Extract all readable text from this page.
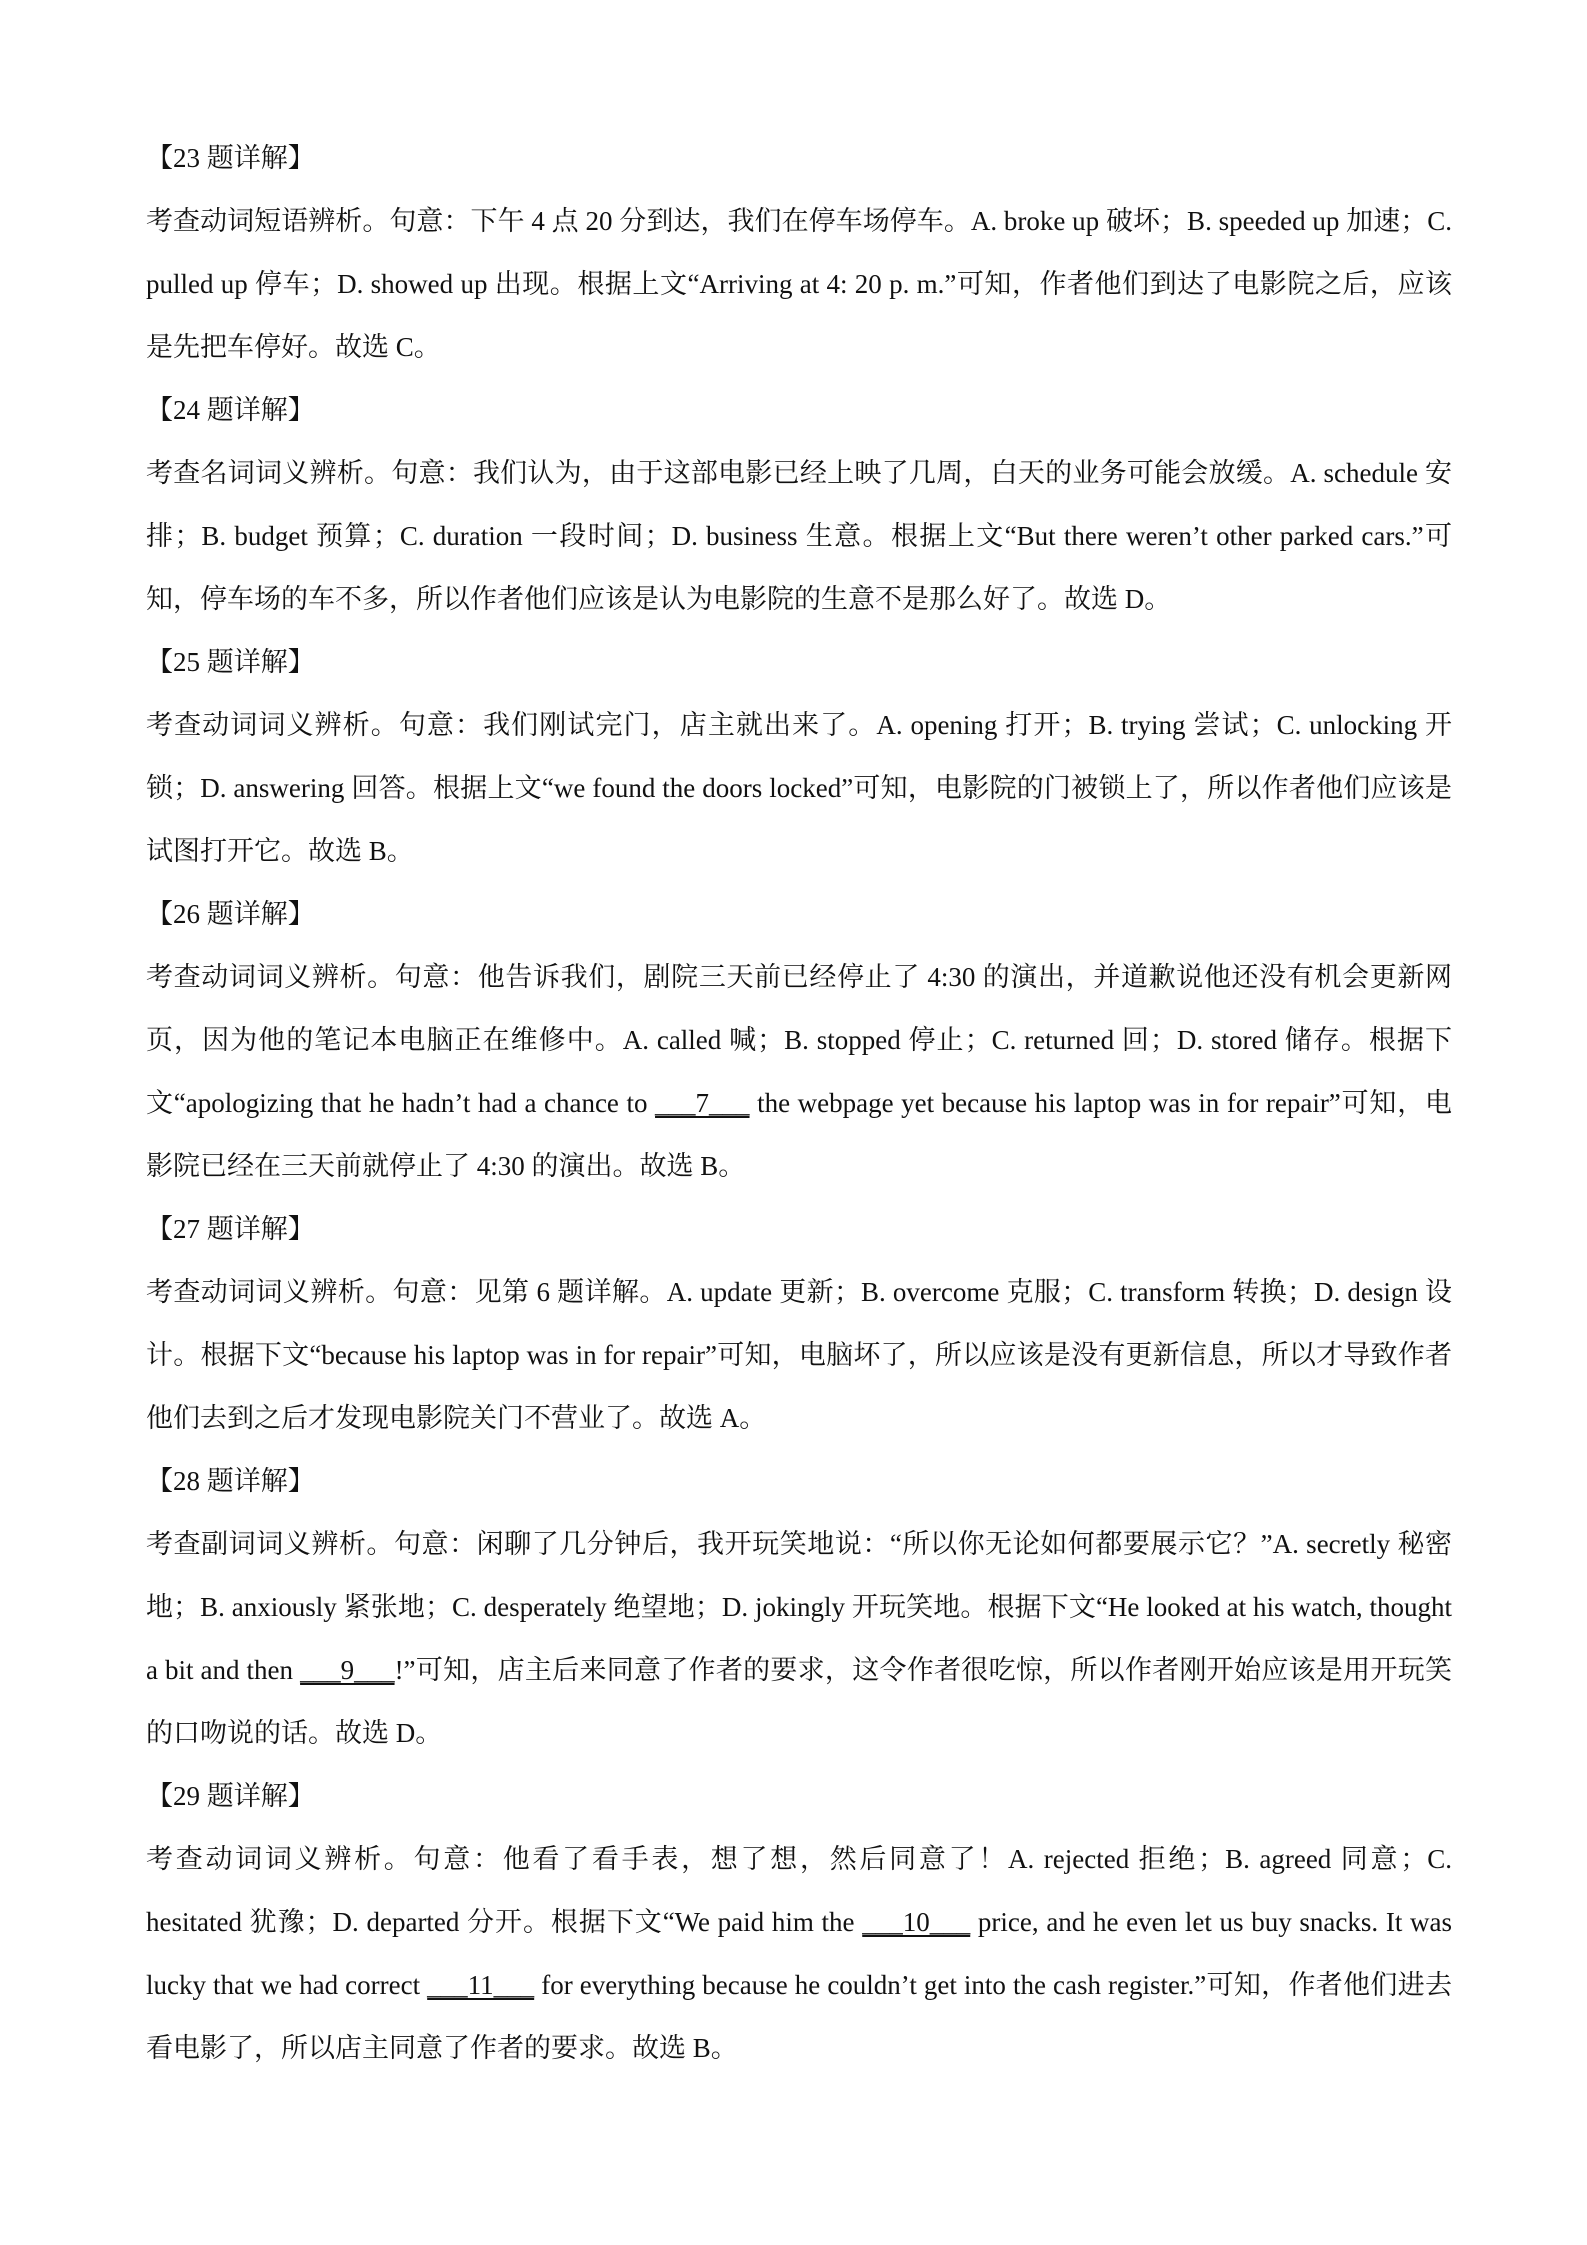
【23 题详解】

考查动词短语辨析。句意：下午 4 点 20 分到达，我们在停车场停车。A. broke up 破坏；B. speeded up 加速；C. pulled up 停车；D. showed up 出现。根据上文“Arriving at 4: 20 p. m.”可知，作者他们到达了电影院之后，应该是先把车停好。故选 C。

【24 题详解】

考查名词词义辨析。句意：我们认为，由于这部电影已经上映了几周，白天的业务可能会放缓。A. schedule 安排；B. budget 预算；C. duration 一段时间；D. business 生意。根据上文“But there weren’t other parked cars.”可知，停车场的车不多，所以作者他们应该是认为电影院的生意不是那么好了。故选 D。

【25 题详解】

考查动词词义辨析。句意：我们刚试完门，店主就出来了。A. opening 打开；B. trying 尝试；C. unlocking 开锁；D. answering 回答。根据上文“we found the doors locked”可知，电影院的门被锁上了，所以作者他们应该是试图打开它。故选 B。

【26 题详解】

考查动词词义辨析。句意：他告诉我们，剧院三天前已经停止了 4:30 的演出，并道歉说他还没有机会更新网页，因为他的笔记本电脑正在维修中。A. called 喊；B. stopped 停止；C. returned 回；D. stored 储存。根据下文“apologizing that he hadn’t had a chance to ___7___ the webpage yet because his laptop was in for repair”可知，电影院已经在三天前就停止了 4:30 的演出。故选 B。

【27 题详解】

考查动词词义辨析。句意：见第 6 题详解。A. update 更新；B. overcome 克服；C. transform 转换；D. design 设计。根据下文“because his laptop was in for repair”可知，电脑坏了，所以应该是没有更新信息，所以才导致作者他们去到之后才发现电影院关门不营业了。故选 A。

【28 题详解】

考查副词词义辨析。句意：闲聊了几分钟后，我开玩笑地说：“所以你无论如何都要展示它？”A. secretly 秘密地；B. anxiously 紧张地；C. desperately 绝望地；D. jokingly 开玩笑地。根据下文“He looked at his watch, thought a bit and then ___9___!”可知，店主后来同意了作者的要求，这令作者很吃惊，所以作者刚开始应该是用开玩笑的口吻说的话。故选 D。

【29 题详解】

考查动词词义辨析。句意：他看了看手表，想了想，然后同意了！A. rejected 拒绝；B. agreed 同意；C. hesitated 犹豫；D. departed 分开。根据下文“We paid him the ___10___ price, and he even let us buy snacks. It was lucky that we had correct ___11___ for everything because he couldn’t get into the cash register.”可知，作者他们进去看电影了，所以店主同意了作者的要求。故选 B。
